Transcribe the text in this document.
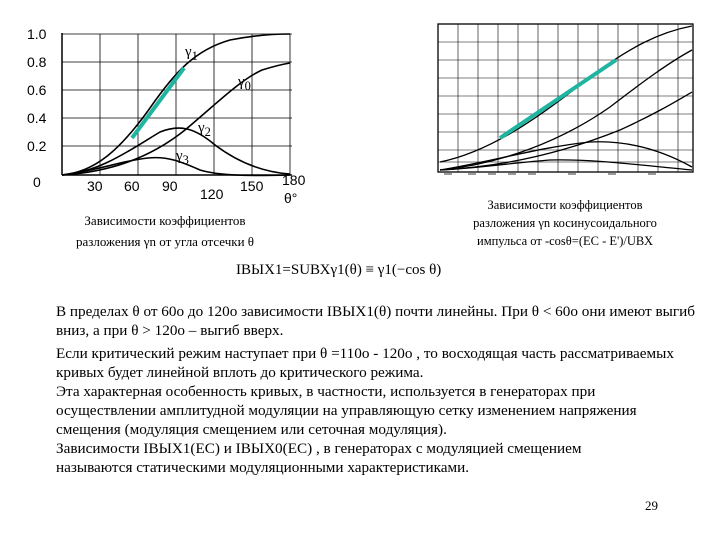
1.0
0.8
0.6
0.4
0.2
0	30 60 90 120 150 180
θ°
$\gamma_1$
$\gamma_0$
$\gamma_2$
$\gamma_3$
Зависимости коэффициентов
разложения γn от угла отсечки θ
Зависимости коэффициентов
разложения γn косинусоидального
импульса от -cosθ=(EC - E')/UВХ
IВЫХ1=SUВХγ1(θ) ≡ γ1(−cos θ)

В пределах θ от 60о до 120о зависимости IВЫХ1(θ) почти линейны. При θ < 60о они имеют выгиб вниз, а при θ > 120о – выгиб вверх.

Если критический режим наступает при θ =110о - 120о , то восходящая часть рассматриваемых кривых будет линейной вплоть до критического режима.

Эта характерная особенность кривых, в частности, используется в генераторах при осуществлении амплитудной модуляции на управляющую сетку изменением напряжения смещения (модуляция смещением или сеточная модуляция).

Зависимости IВЫХ1(EC) и IВЫХ0(EC) , в генераторах с модуляцией смещением называются статическими модуляционными характеристиками.

29
